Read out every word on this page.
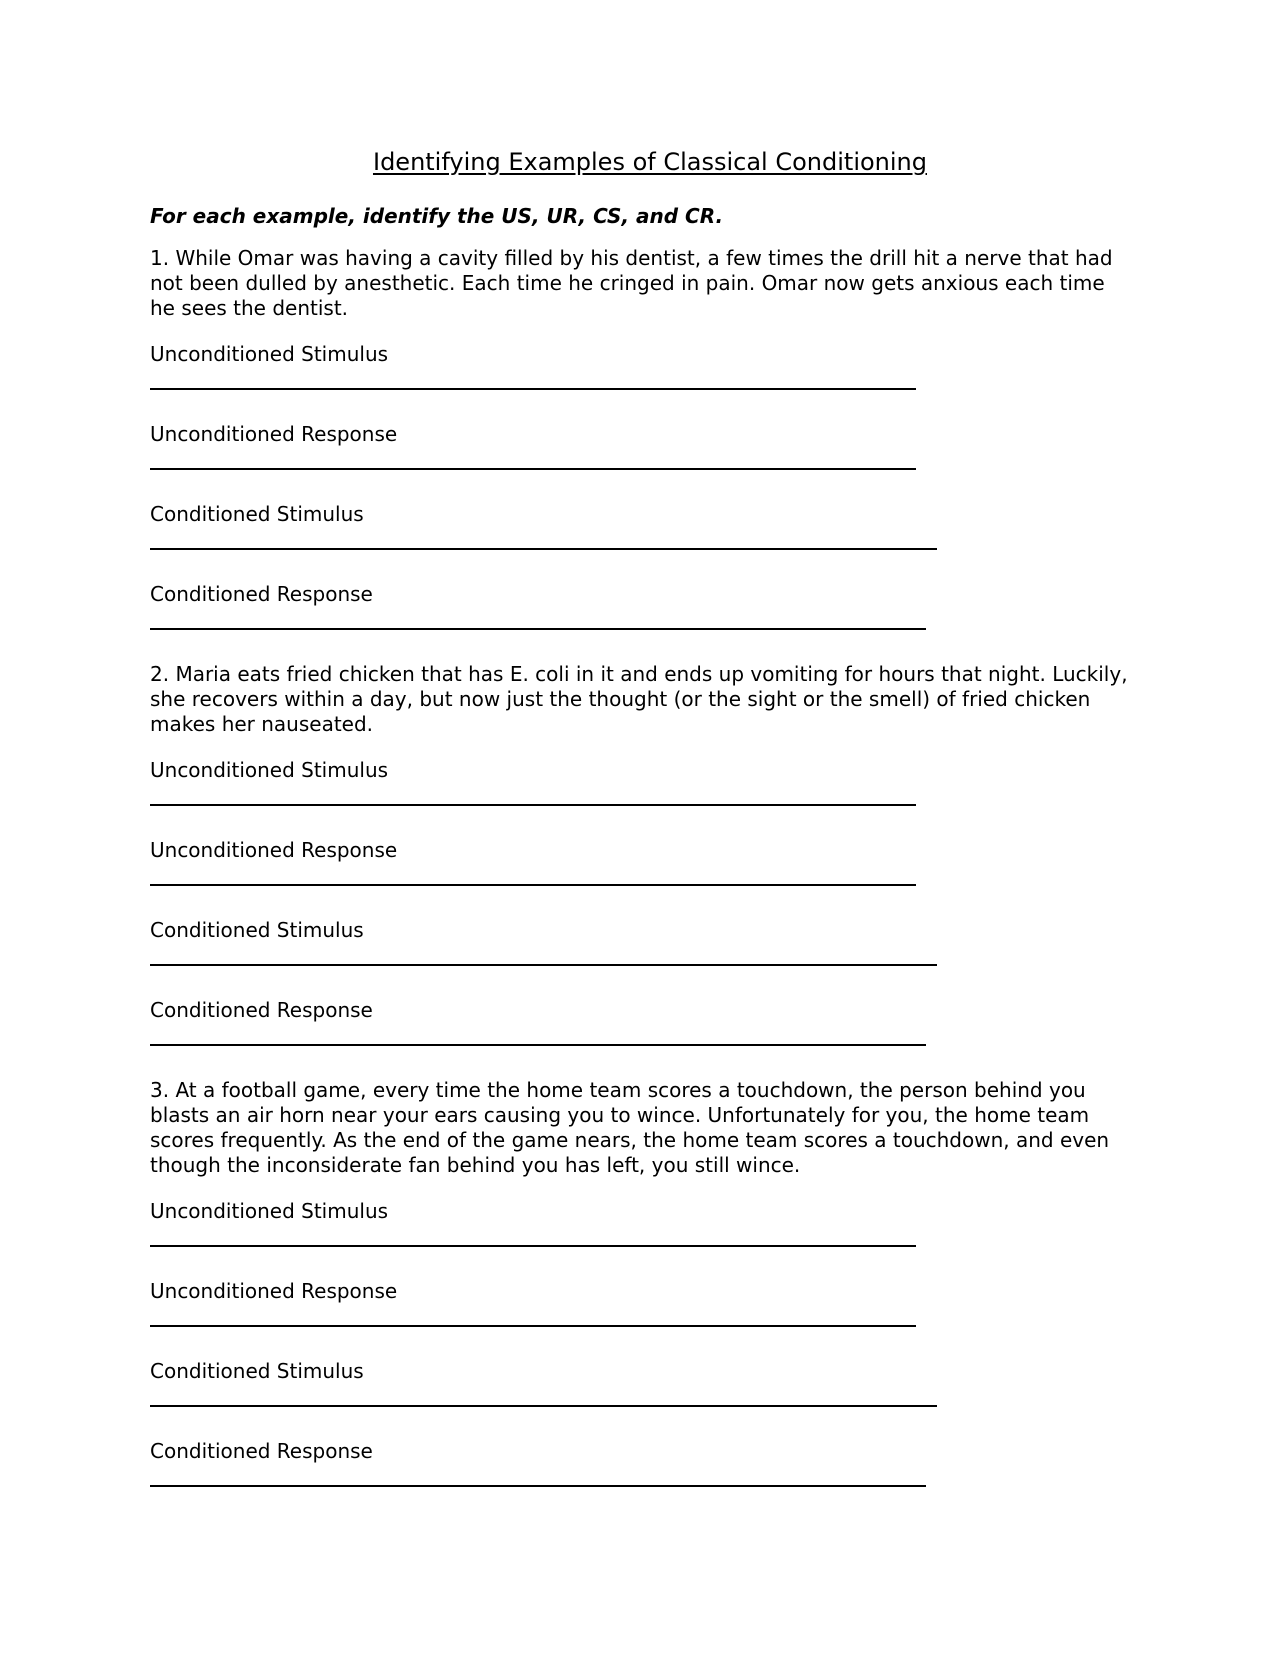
Identifying Examples of Classical Conditioning

For each example, identify the US, UR, CS, and CR.

1. While Omar was having a cavity filled by his dentist, a few times the drill hit a nerve that had not been dulled by anesthetic. Each time he cringed in pain. Omar now gets anxious each time he sees the dentist.

Unconditioned Stimulus
Unconditioned Response
Conditioned Stimulus
Conditioned Response

2. Maria eats fried chicken that has E. coli in it and ends up vomiting for hours that night. Luckily, she recovers within a day, but now just the thought (or the sight or the smell) of fried chicken makes her nauseated.

Unconditioned Stimulus
Unconditioned Response
Conditioned Stimulus
Conditioned Response

3. At a football game, every time the home team scores a touchdown, the person behind you blasts an air horn near your ears causing you to wince. Unfortunately for you, the home team scores frequently. As the end of the game nears, the home team scores a touchdown, and even though the inconsiderate fan behind you has left, you still wince.

Unconditioned Stimulus
Unconditioned Response
Conditioned Stimulus
Conditioned Response
